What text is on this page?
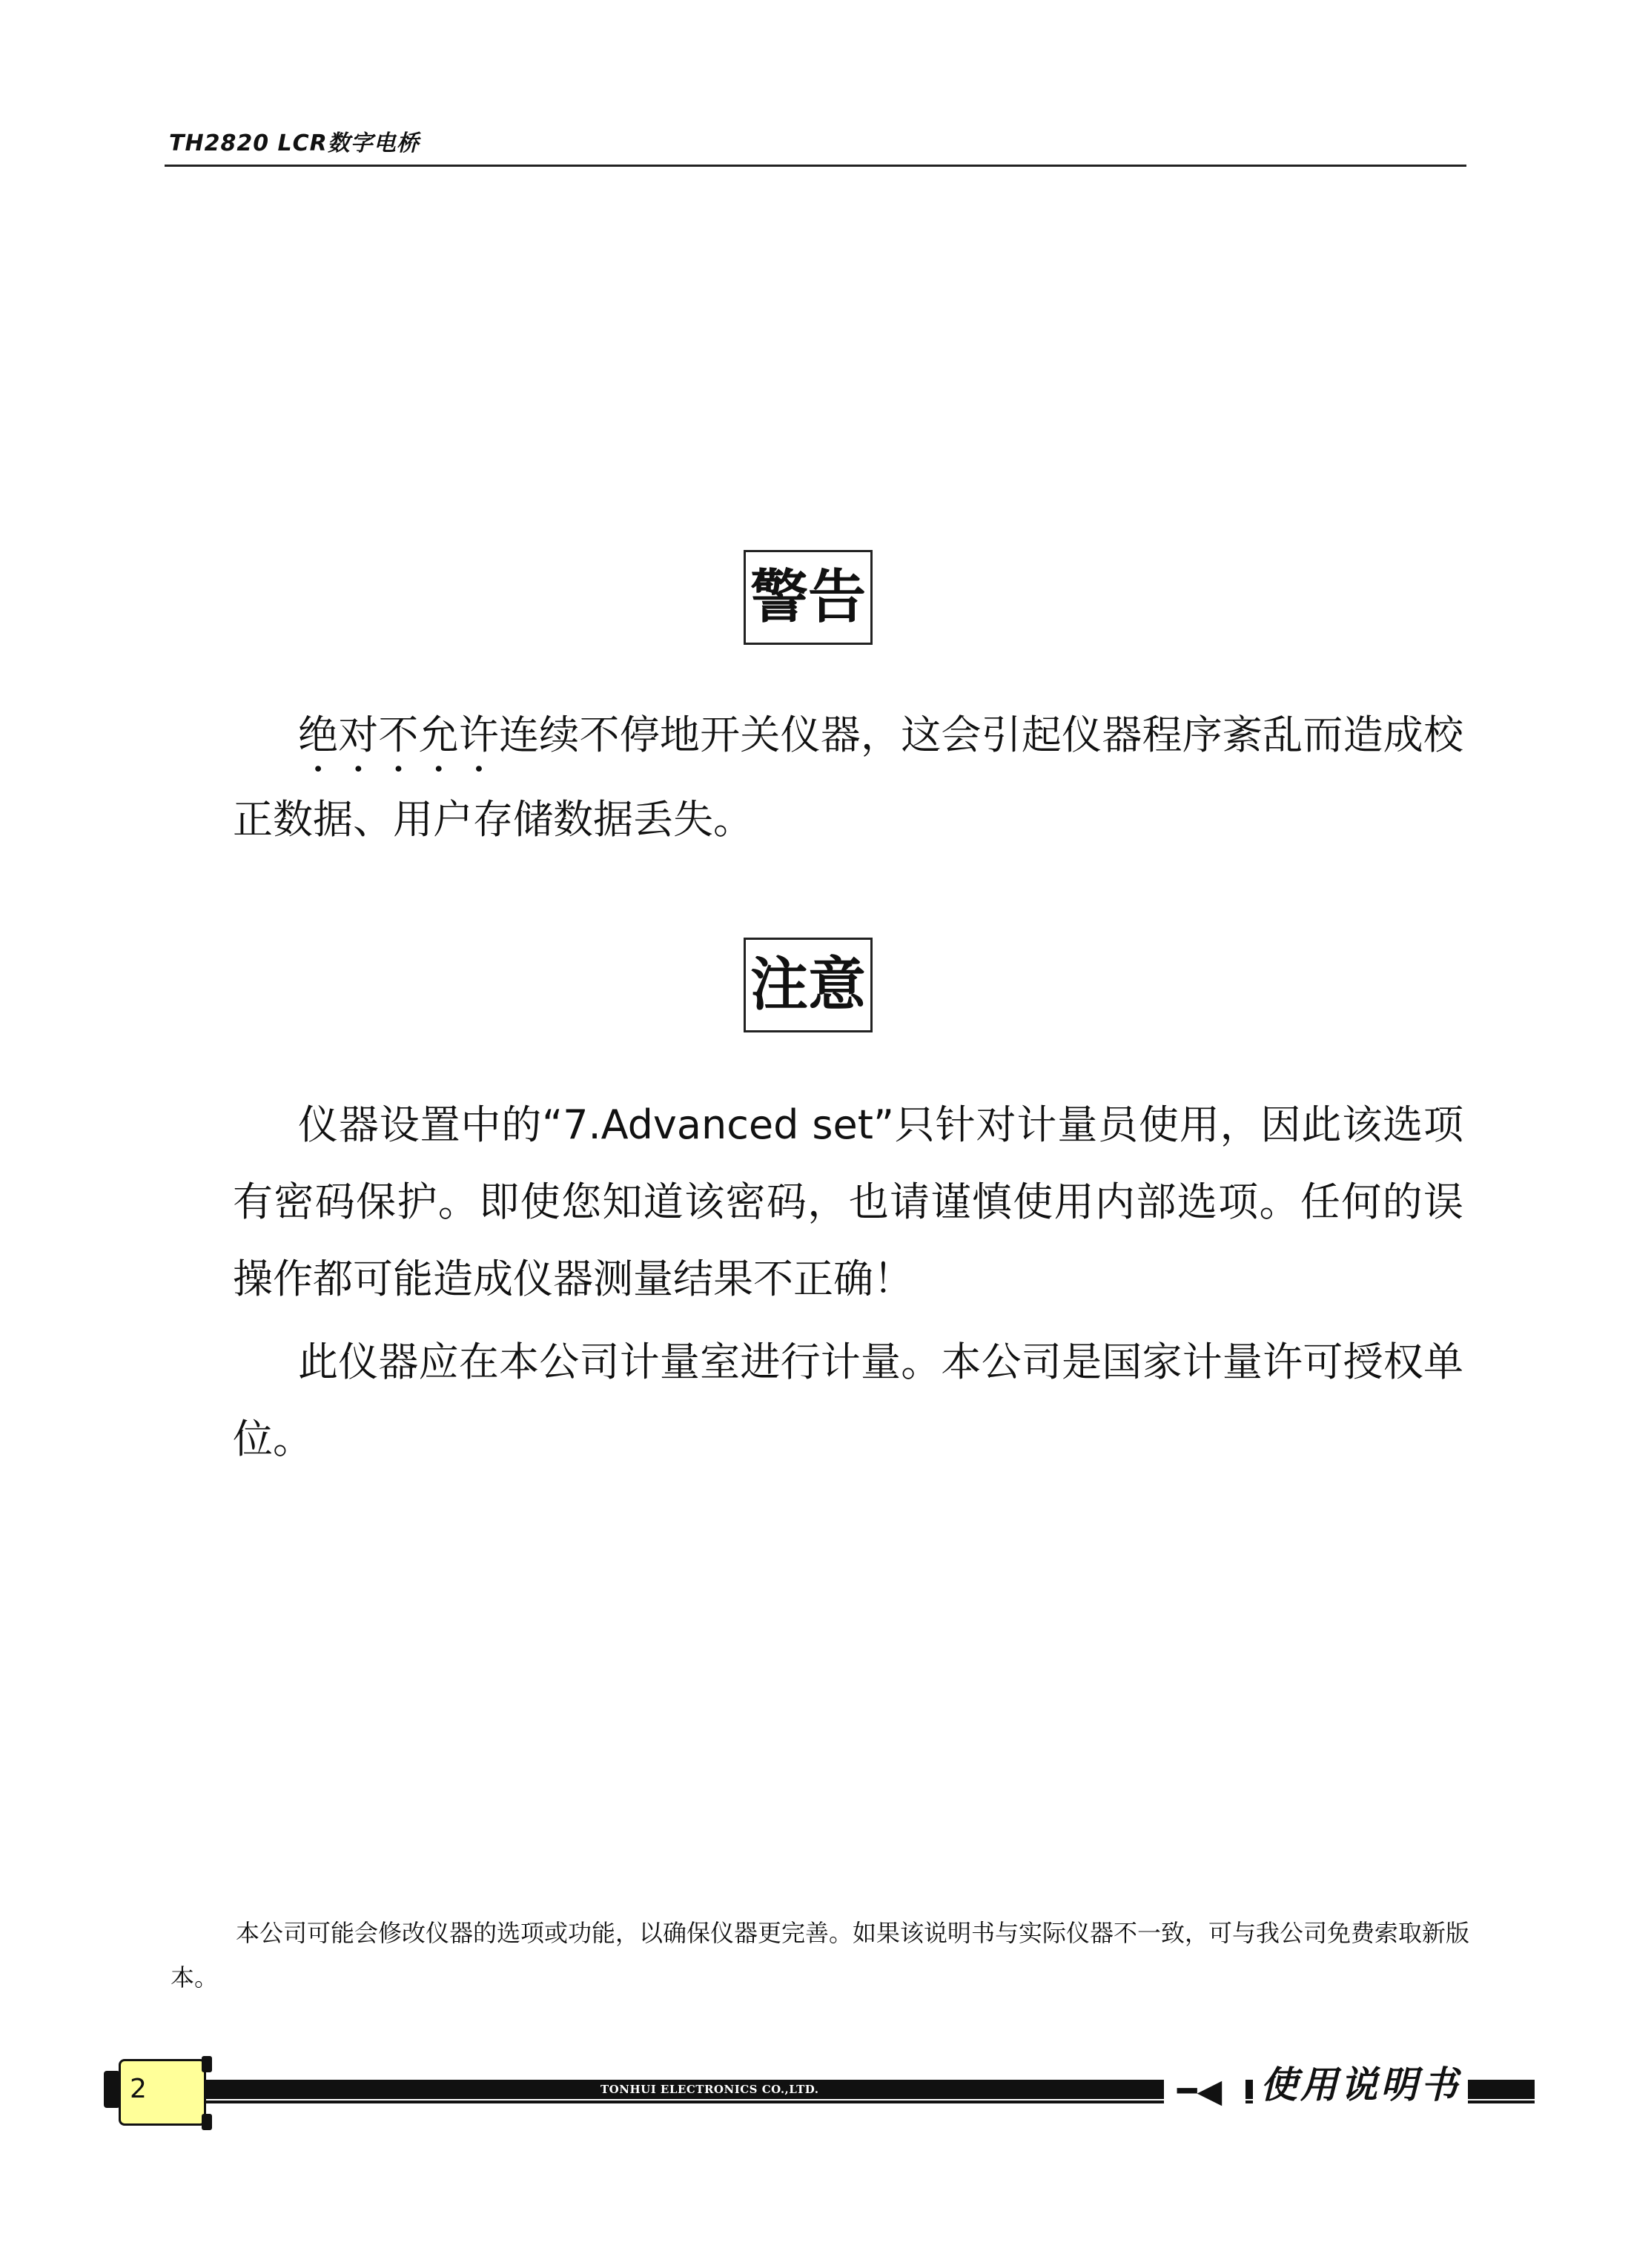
TH2820 LCR数字电桥
警告

绝对不允许连续不停地开关仪器，这会引起仪器程序紊乱而造成校正数据、用户存储数据丢失。

注意

仪器设置中的“7.Advanced set”只针对计量员使用，因此该选项有密码保护。即使您知道该密码，也请谨慎使用内部选项。任何的误操作都可能造成仪器测量结果不正确！

此仪器应在本公司计量室进行计量。本公司是国家计量许可授权单位。

本公司可能会修改仪器的选项或功能，以确保仪器更完善。如果该说明书与实际仪器不一致，可与我公司免费索取新版本。

2	TONHUI ELECTRONICS CO.,LTD.	━◀ 使用说明书
